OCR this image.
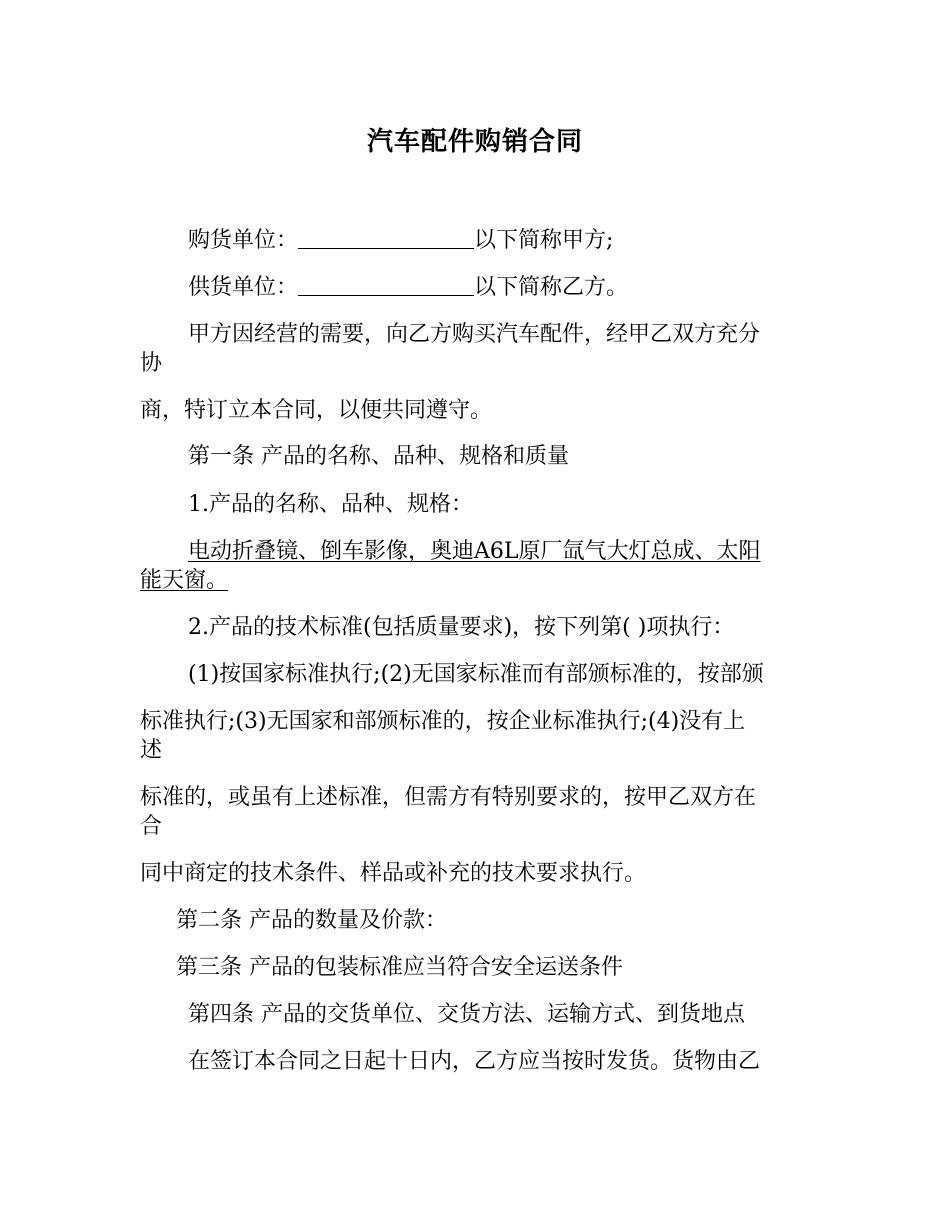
汽车配件购销合同
购货单位：	以下简称甲方;
供货单位：	以下简称乙方。
甲方因经营的需要，向乙方购买汽车配件，经甲乙双方充分
协
商，特订立本合同，以便共同遵守。
第一条 产品的名称、品种、规格和质量
1.产品的名称、品种、规格：
电动折叠镜、倒车影像，奥迪A6L原厂氙气大灯总成、太阳
能天窗。
2.产品的技术标准(包括质量要求)，按下列第( )项执行：
(1)按国家标准执行;(2)无国家标准而有部颁标准的，按部颁
标准执行;(3)无国家和部颁标准的，按企业标准执行;(4)没有上
述
标准的，或虽有上述标准，但需方有特别要求的，按甲乙双方在
合
同中商定的技术条件、样品或补充的技术要求执行。
第二条 产品的数量及价款：
第三条 产品的包装标准应当符合安全运送条件
第四条 产品的交货单位、交货方法、运输方式、到货地点
在签订本合同之日起十日内，乙方应当按时发货。货物由乙
